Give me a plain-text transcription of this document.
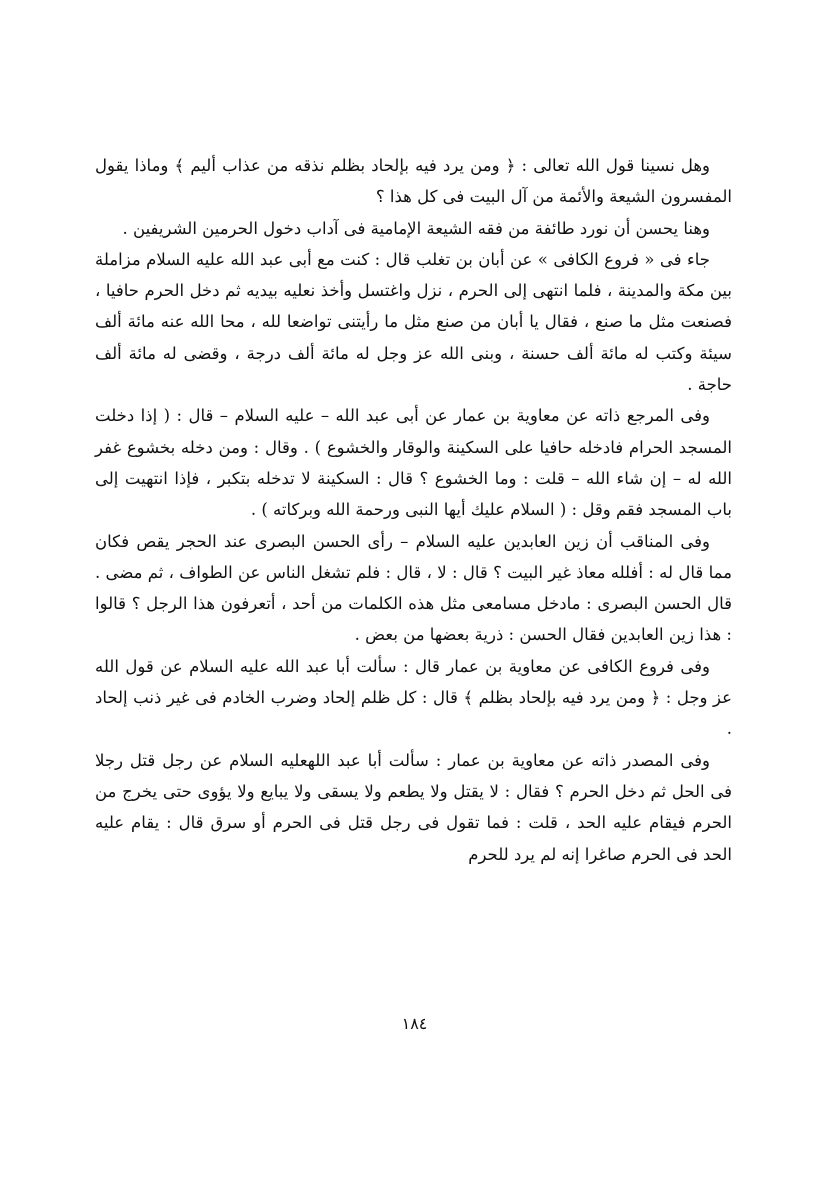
وهل نسينا قول الله تعالى : ﴿ ومن يرد فيه بإلحاد بظلم نذقه من عذاب أليم ﴾ وماذا يقول المفسرون الشيعة والأئمة من آل البيت فى كل هذا ؟

وهنا يحسن أن نورد طائفة من فقه الشيعة الإمامية فى آداب دخول الحرمين الشريفين .

جاء فى « فروع الكافى » عن أبان بن تغلب قال : كنت مع أبى عبد الله عليه السلام مزاملة بين مكة والمدينة ، فلما انتهى إلى الحرم ، نزل واغتسل وأخذ نعليه بيديه ثم دخل الحرم حافيا ، فصنعت مثل ما صنع ، فقال يا أبان من صنع مثل ما رأيتنى تواضعا لله ، محا الله عنه مائة ألف سيئة وكتب له مائة ألف حسنة ، وبنى الله عز وجل له مائة ألف درجة ، وقضى له مائة ألف حاجة .

وفى المرجع ذاته عن معاوية بن عمار عن أبى عبد الله – عليه السلام – قال : ( إذا دخلت المسجد الحرام فادخله حافيا على السكينة والوقار والخشوع ) . وقال : ومن دخله بخشوع غفر الله له – إن شاء الله – قلت : وما الخشوع ؟ قال : السكينة لا تدخله بتكبر ، فإذا انتهيت إلى باب المسجد فقم وقل : ( السلام عليك أيها النبى ورحمة الله وبركاته ) .

وفى المناقب أن زين العابدين عليه السلام – رأى الحسن البصرى عند الحجر يقص فكان مما قال له : أفلله معاذ غير البيت ؟ قال : لا ، قال : فلم تشغل الناس عن الطواف ، ثم مضى . قال الحسن البصرى : مادخل مسامعى مثل هذه الكلمات من أحد ، أتعرفون هذا الرجل ؟ قالوا : هذا زين العابدين فقال الحسن : ذرية بعضها من بعض .

وفى فروع الكافى عن معاوية بن عمار قال : سألت أبا عبد الله عليه السلام عن قول الله عز وجل : ﴿ ومن يرد فيه بإلحاد بظلم ﴾ قال : كل ظلم إلحاد وضرب الخادم فى غير ذنب إلحاد .

وفى المصدر ذاته عن معاوية بن عمار : سألت أبا عبد اللهعليه السلام عن رجل قتل رجلا فى الحل ثم دخل الحرم ؟ فقال : لا يقتل ولا يطعم ولا يسقى ولا يبايع ولا يؤوى حتى يخرج من الحرم فيقام عليه الحد ، قلت : فما تقول فى رجل قتل فى الحرم أو سرق قال : يقام عليه الحد فى الحرم صاغرا إنه لم يرد للحرم

١٨٤
